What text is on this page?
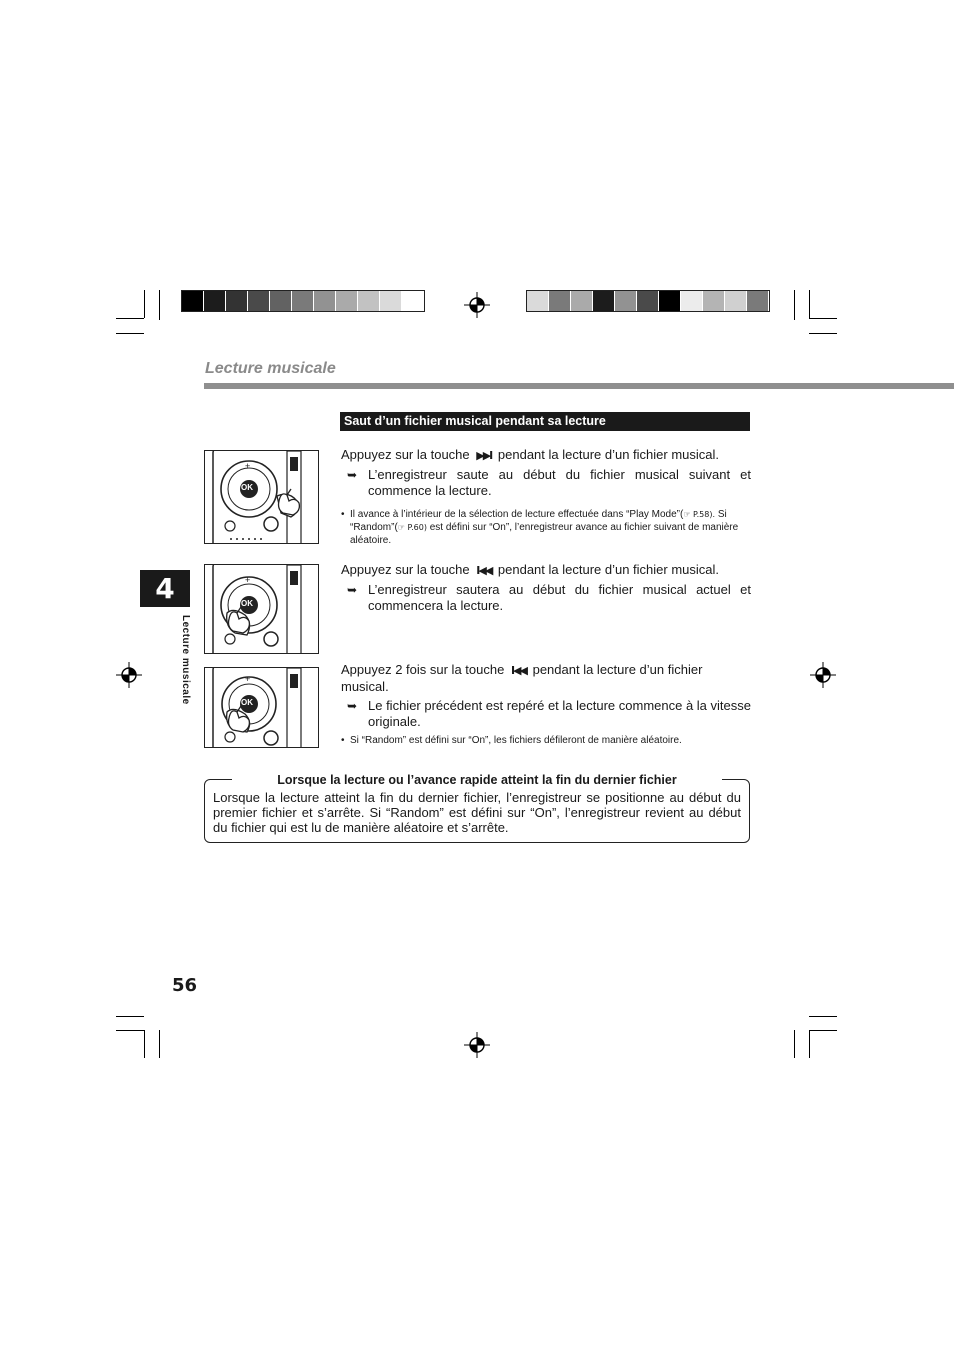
Lecture musicale
4
Lecture musicale
Saut d’un fichier musical pendant sa lecture
OK
+
−
OK
+
OK
+
Appuyez sur la touche ▶▶I pendant la lecture d’un fichier musical.
➥ L’enregistreur saute au début du fichier musical suivant et commence la lecture.
• Il avance à l’intérieur de la sélection de lecture effectuée dans “Play Mode”(☞ P.58). Si “Random”(☞ P.60) est défini sur “On”, l’enregistreur avance au fichier suivant de manière aléatoire.
Appuyez sur la touche I◀◀ pendant la lecture d’un fichier musical.
➥ L’enregistreur sautera au début du fichier musical actuel et commencera la lecture.
Appuyez 2 fois sur la touche I◀◀ pendant la lecture d’un fichier musical.
➥ Le fichier précédent est repéré et la lecture commence à la vitesse originale.
• Si “Random” est défini sur “On”, les fichiers défileront de manière aléatoire.
Lorsque la lecture ou l’avance rapide atteint la fin du dernier fichier
Lorsque la lecture atteint la fin du dernier fichier, l’enregistreur se positionne au début du premier fichier et s’arrête. Si “Random” est défini sur “On”, l’enregistreur revient au début du fichier qui est lu de manière aléatoire et s’arrête.
56
